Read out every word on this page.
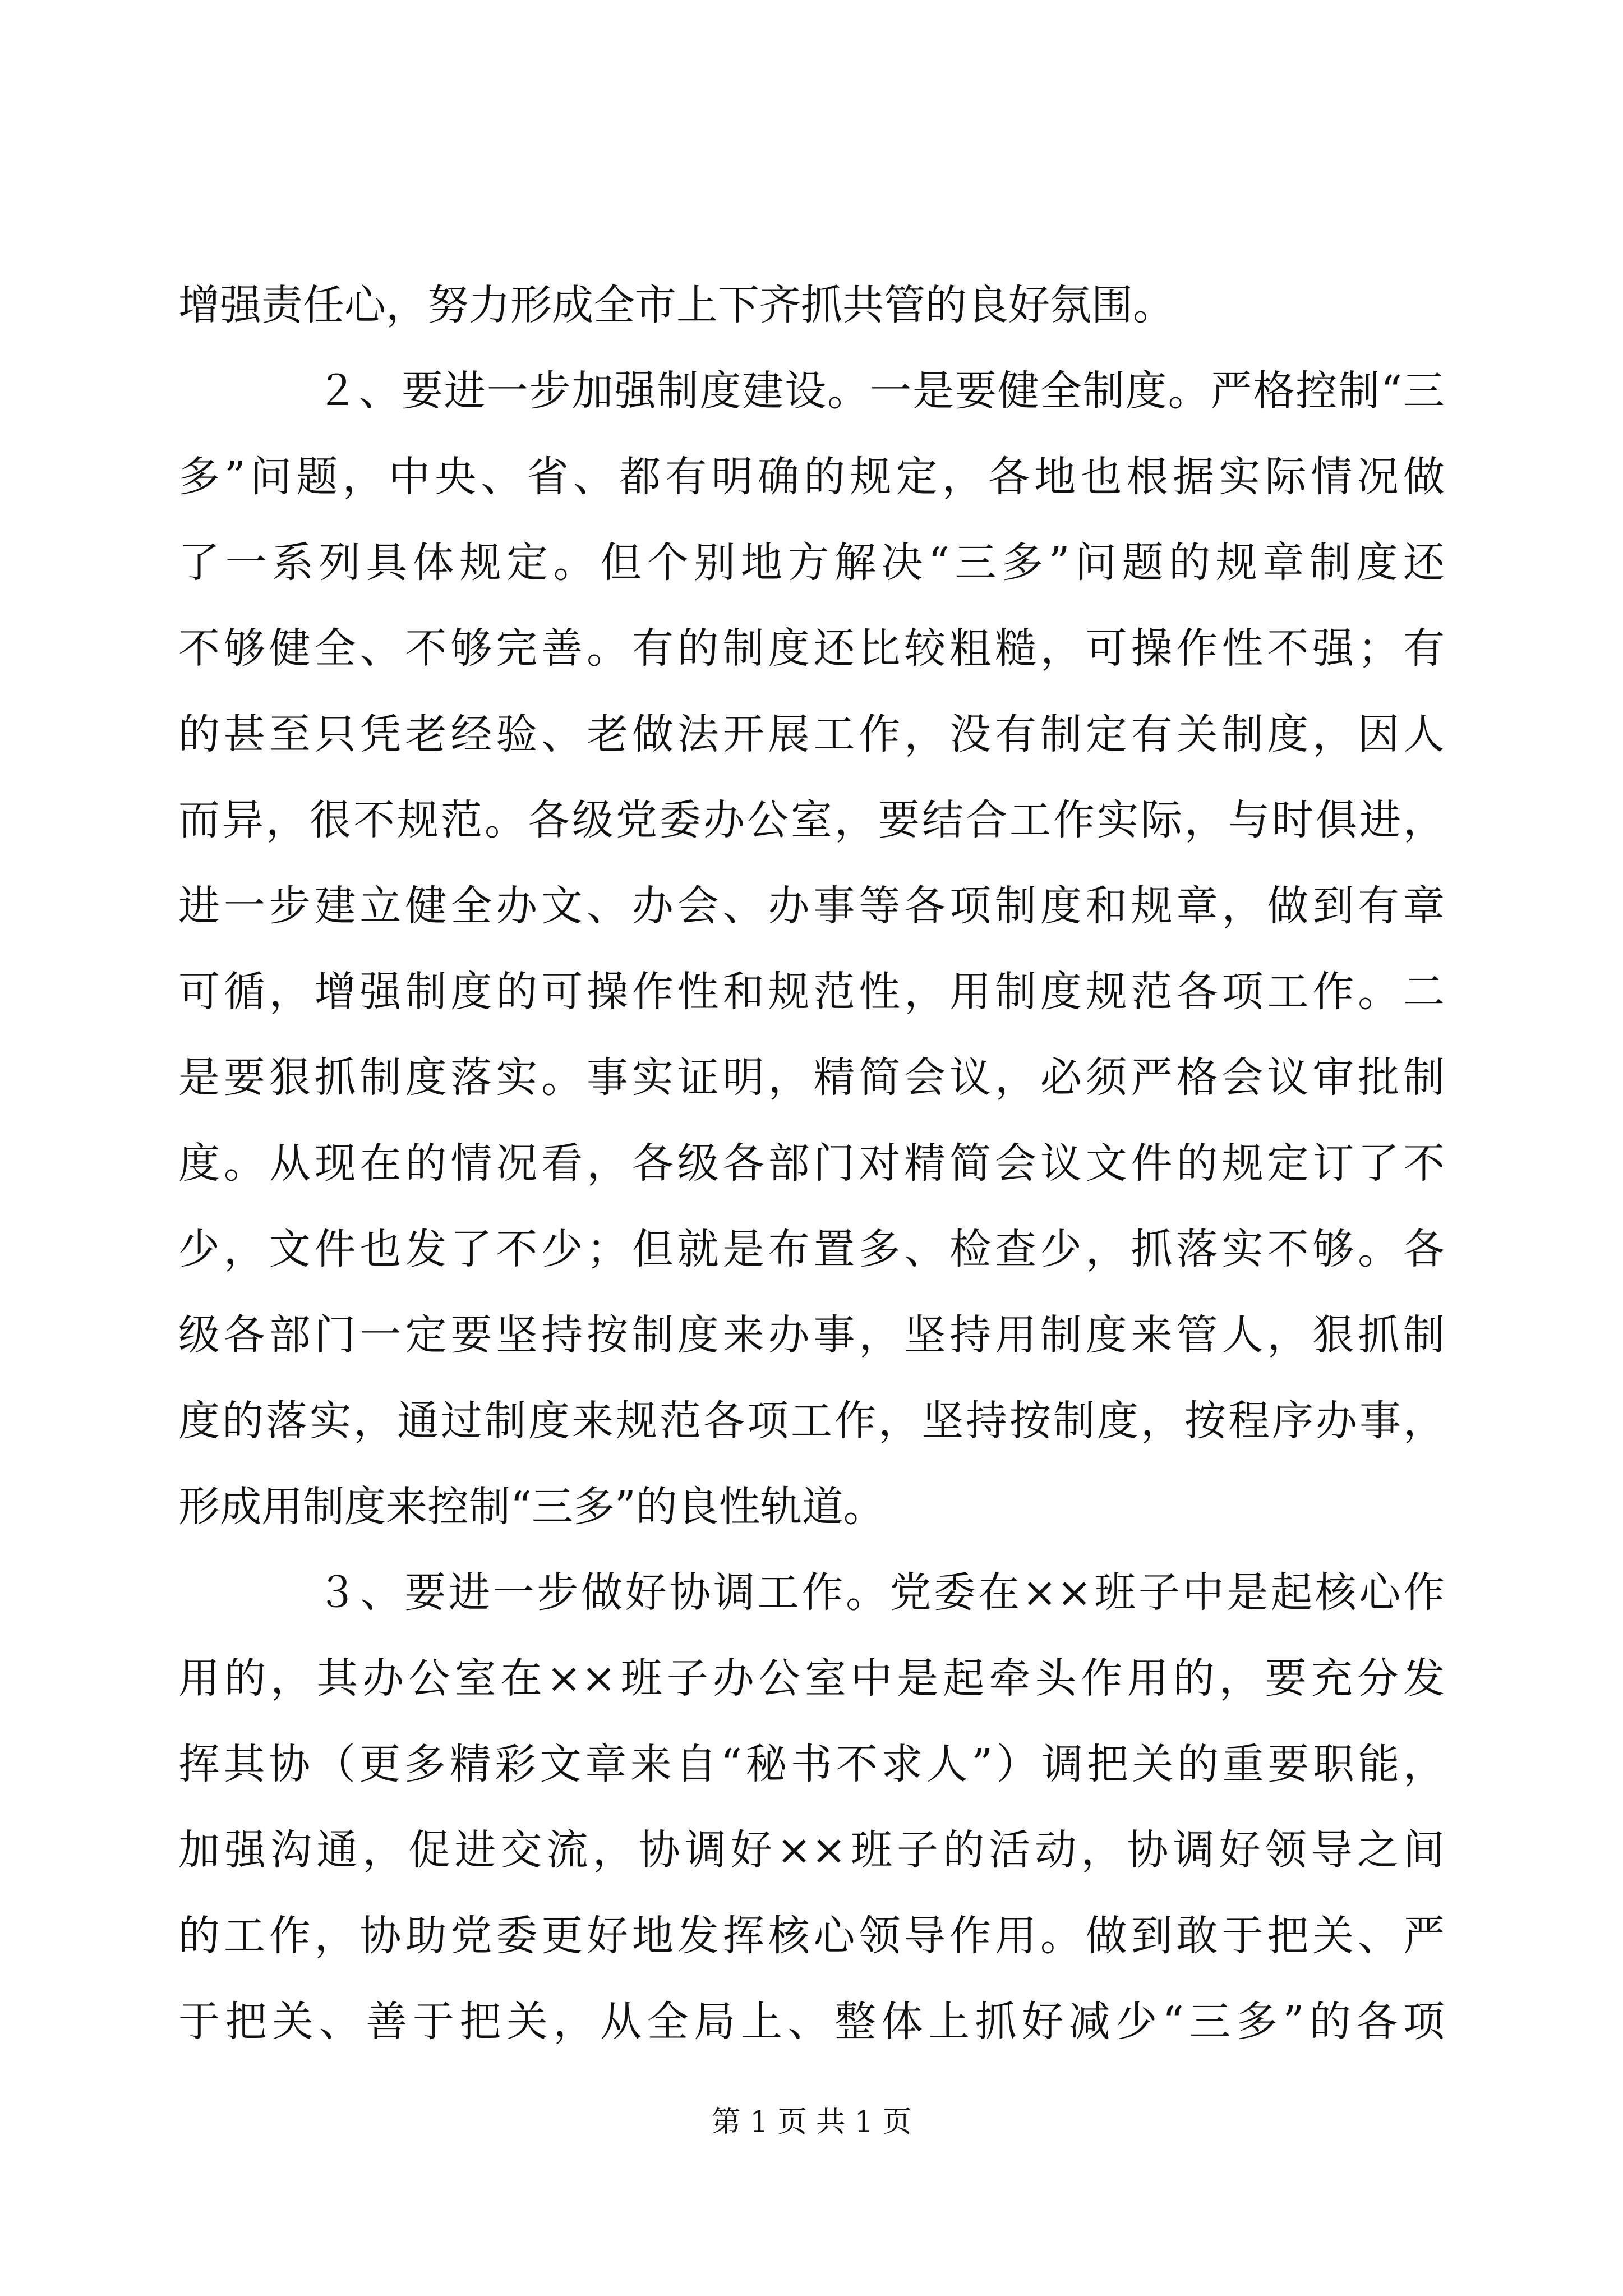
增强责任心，努力形成全市上下齐抓共管的良好氛围。
２、要进一步加强制度建设。一是要健全制度。严格控制“三
多”问题，中央、省、都有明确的规定，各地也根据实际情况做
了一系列具体规定。但个别地方解决“三多”问题的规章制度还
不够健全、不够完善。有的制度还比较粗糙，可操作性不强；有
的甚至只凭老经验、老做法开展工作，没有制定有关制度，因人
而异，很不规范。各级党委办公室，要结合工作实际，与时俱进，
进一步建立健全办文、办会、办事等各项制度和规章，做到有章
可循，增强制度的可操作性和规范性，用制度规范各项工作。二
是要狠抓制度落实。事实证明，精简会议，必须严格会议审批制
度。从现在的情况看，各级各部门对精简会议文件的规定订了不
少，文件也发了不少；但就是布置多、检查少，抓落实不够。各
级各部门一定要坚持按制度来办事，坚持用制度来管人，狠抓制
度的落实，通过制度来规范各项工作，坚持按制度，按程序办事，
形成用制度来控制“三多”的良性轨道。
３、要进一步做好协调工作。党委在××班子中是起核心作
用的，其办公室在××班子办公室中是起牵头作用的，要充分发
挥其协（更多精彩文章来自“秘书不求人”）调把关的重要职能，
加强沟通，促进交流，协调好××班子的活动，协调好领导之间
的工作，协助党委更好地发挥核心领导作用。做到敢于把关、严
于把关、善于把关，从全局上、整体上抓好减少“三多”的各项
第 1 页 共 1 页
